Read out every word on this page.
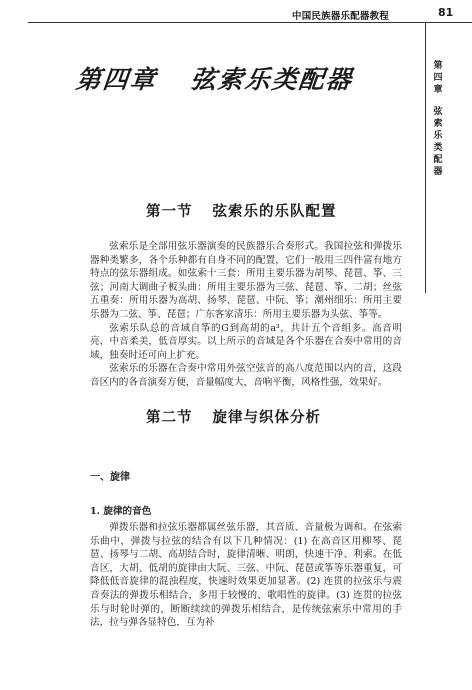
中国民族器乐配器教程	81
第四章
弦索乐类配器
第四章 弦索乐类配器
第一节 弦索乐的乐队配置

弦索乐是全部用弦乐器演奏的民族器乐合奏形式。我国拉弦和弹拨乐器种类繁多，各个乐种都有自身不同的配置，它们一般用三四件富有地方特点的弦乐器组成。如弦索十三套：所用主要乐器为胡琴、琵琶、筝、三弦；河南大调曲子板头曲：所用主要乐器为三弦、琵琶、筝、二胡；丝弦五重奏：所用乐器为高胡、扬琴、琵琶、中阮、筝；潮州细乐：所用主要乐器为二弦、筝、琵琶；广东客家清乐：所用主要乐器为头弦、筝等。

弦索乐队总的音域自筝的G到高胡的a³，共计五个音组多。高音明亮，中音柔美，低音厚实。以上所示的音域是各个乐器在合奏中常用的音域，独奏时还可向上扩充。

弦索乐的乐器在合奏中常用外弦空弦音的高八度范围以内的音，这段音区内的各音演奏方便，音量幅度大，音响平衡，风格性强，效果好。

第二节 旋律与织体分析
一、旋律
1. 旋律的音色

弹拨乐器和拉弦乐器都属丝弦乐器，其音质、音量极为调和。在弦索乐曲中，弹拨与拉弦的结合有以下几种情况：(1) 在高音区用柳琴、琵琶、扬琴与二胡、高胡结合时，旋律清晰、明朗，快速干净、利索。在低音区，大胡、低胡的旋律由大阮、三弦、中阮、琵琶或筝等乐器重复，可降低低音旋律的混浊程度，快速时效果更加显著。(2) 连贯的拉弦乐与震音奏法的弹拨乐相结合，多用于较慢的、歌唱性的旋律。(3) 连贯的拉弦乐与时轮时弹的，断断续续的弹拨乐相结合，是传统弦索乐中常用的手法，拉与弹各显特色，互为补
